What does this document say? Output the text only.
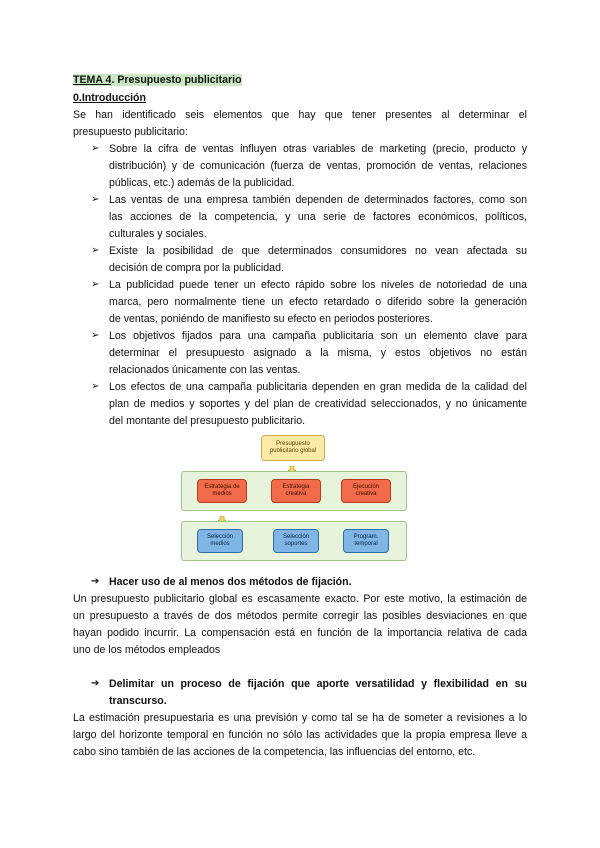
TEMA 4. Presupuesto publicitario
0.Introducción
Se han identificado seis elementos que hay que tener presentes al determinar el
presupuesto publicitario:
➢ Sobre la cifra de ventas influyen otras variables de marketing (precio, producto y
distribución) y de comunicación (fuerza de ventas, promoción de ventas, relaciones
públicas, etc.) además de la publicidad.
➢ Las ventas de una empresa también dependen de determinados factores, como son
las acciones de la competencia, y una serie de factores económicos, políticos,
culturales y sociales.
➢ Existe la posibilidad de que determinados consumidores no vean afectada su
decisión de compra por la publicidad.
➢ La publicidad puede tener un efecto rápido sobre los niveles de notoriedad de una
marca, pero normalmente tiene un efecto retardado o diferido sobre la generación
de ventas, poniéndo de manifiesto su efecto en periodos posteriores.
➢ Los objetivos fijados para una campaña publicitaria son un elemento clave para
determinar el presupuesto asignado a la misma, y estos objetivos no están
relacionados únicamente con las ventas.
➢ Los efectos de una campaña publicitaria dependen en gran medida de la calidad del
plan de medios y soportes y del plan de creatividad seleccionados, y no únicamente
del montante del presupuesto publicitario.
Presupuesto publicitario global
Estrategia de medios
Estrategia creativa
Ejecución creativa
Selección medios
Selección soportes
Program. temporal
➔ Hacer uso de al menos dos métodos de fijación.
Un presupuesto publicitario global es escasamente exacto. Por este motivo, la estimación de
un presupuesto a través de dos métodos permite corregir las posibles desviaciones en que
hayan podido incurrir. La compensación está en función de la importancia relativa de cada
uno de los métodos empleados
➔ Delimitar un proceso de fijación que aporte versatilidad y flexibilidad en su
transcurso.
La estimación presupuestaria es una previsión y como tal se ha de someter a revisiones a lo
largo del horizonte temporal en función no sólo las actividades que la propia empresa lleve a
cabo sino también de las acciones de la competencia, las influencias del entorno, etc.
